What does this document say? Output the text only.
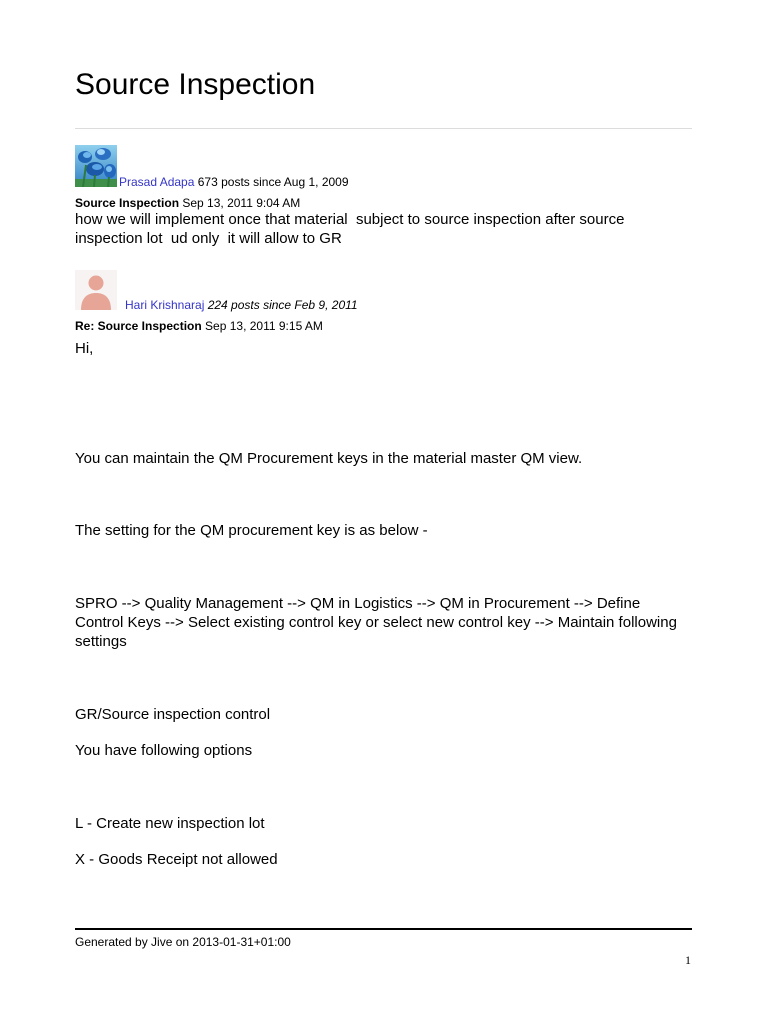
Source Inspection
Prasad Adapa 673 posts since Aug 1, 2009
Source Inspection Sep 13, 2011 9:04 AM
how we will implement once that material  subject to source inspection after source
inspection lot  ud only  it will allow to GR
Hari Krishnaraj 224 posts since Feb 9, 2011
Re: Source Inspection Sep 13, 2011 9:15 AM
Hi,
You can maintain the QM Procurement keys in the material master QM view.
The setting for the QM procurement key is as below -
SPRO --> Quality Management --> QM in Logistics --> QM in Procurement --> Define
Control Keys --> Select existing control key or select new control key --> Maintain following
settings
GR/Source inspection control
You have following options
L - Create new inspection lot
X - Goods Receipt not allowed
Generated by Jive on 2013-01-31+01:00
1
